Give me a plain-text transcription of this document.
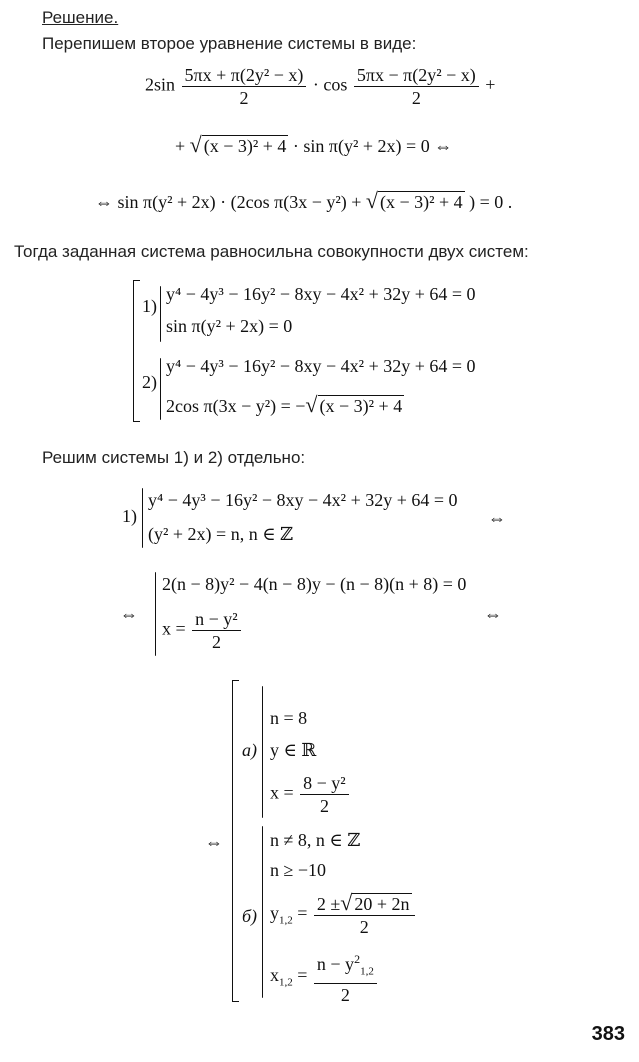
Решение.
Перепишем второе уравнение системы в виде:
$2\sin \frac{\text{5πx + π(2y² − x)}}{2} \cdot \cos \frac{\text{5πx − π(2y² − x)}}{2}$ +
+ √ (x − 3)² + 4 · sin π(y² + 2x) = 0 ⇔
⇔ sin π(y² + 2x) · (2cos π(3x − y²) + √ (x − 3)² + 4 ) = 0 .
Тогда заданная система равносильна совокупности двух систем:
1)
y⁴ − 4y³ − 16y² − 8xy − 4x² + 32y + 64 = 0
sin π(y² + 2x) = 0
2)
y⁴ − 4y³ − 16y² − 8xy − 4x² + 32y + 64 = 0
2cos π(3x − y²) = −√ (x − 3)² + 4
Решим системы 1) и 2) отдельно:
1)
y⁴ − 4y³ − 16y² − 8xy − 4x² + 32y + 64 = 0
(y² + 2x) = n, n ∈ ℤ
⇔
⇔
2(n − 8)y² − 4(n − 8)y − (n − 8)(n + 8) = 0
$x = \frac{\text{n − y²}}{2}$	⇔
⇔
a)
n = 8
y ∈ ℝ
$x = \frac{\text{8 − y²}}{2}$
б)
n ≠ 8, n ∈ ℤ
n ≥ −10
$y_{1,2} = \frac{2 \pm√ 20 + 2n}{2}$
$x_{1,2} = \frac{n - y^2_{1,2}}{2}$
383
